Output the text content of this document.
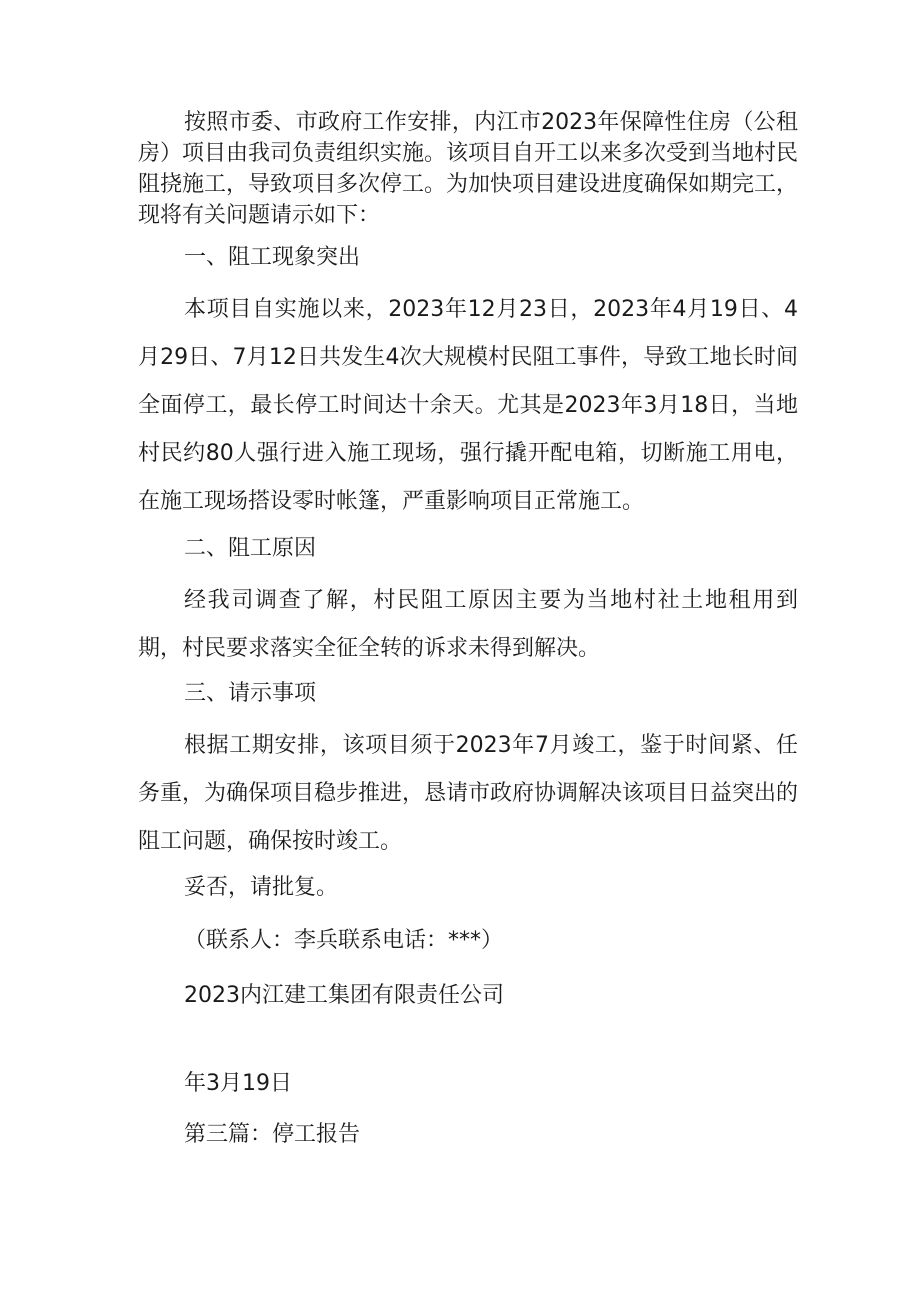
按照市委、市政府工作安排，内江市2023年保障性住房（公租房）项目由我司负责组织实施。该项目自开工以来多次受到当地村民阻挠施工，导致项目多次停工。为加快项目建设进度确保如期完工，现将有关问题请示如下：

一、阻工现象突出

本项目自实施以来，2023年12月23日，2023年4月19日、4月29日、7月12日共发生4次大规模村民阻工事件，导致工地长时间全面停工，最长停工时间达十余天。尤其是2023年3月18日，当地村民约80人强行进入施工现场，强行撬开配电箱，切断施工用电，在施工现场搭设零时帐篷，严重影响项目正常施工。

二、阻工原因

经我司调查了解，村民阻工原因主要为当地村社土地租用到期，村民要求落实全征全转的诉求未得到解决。

三、请示事项

根据工期安排，该项目须于2023年7月竣工，鉴于时间紧、任务重，为确保项目稳步推进，恳请市政府协调解决该项目日益突出的阻工问题，确保按时竣工。

妥否，请批复。

（联系人：李兵联系电话：***）

2023内江建工集团有限责任公司

年3月19日

第三篇：停工报告
